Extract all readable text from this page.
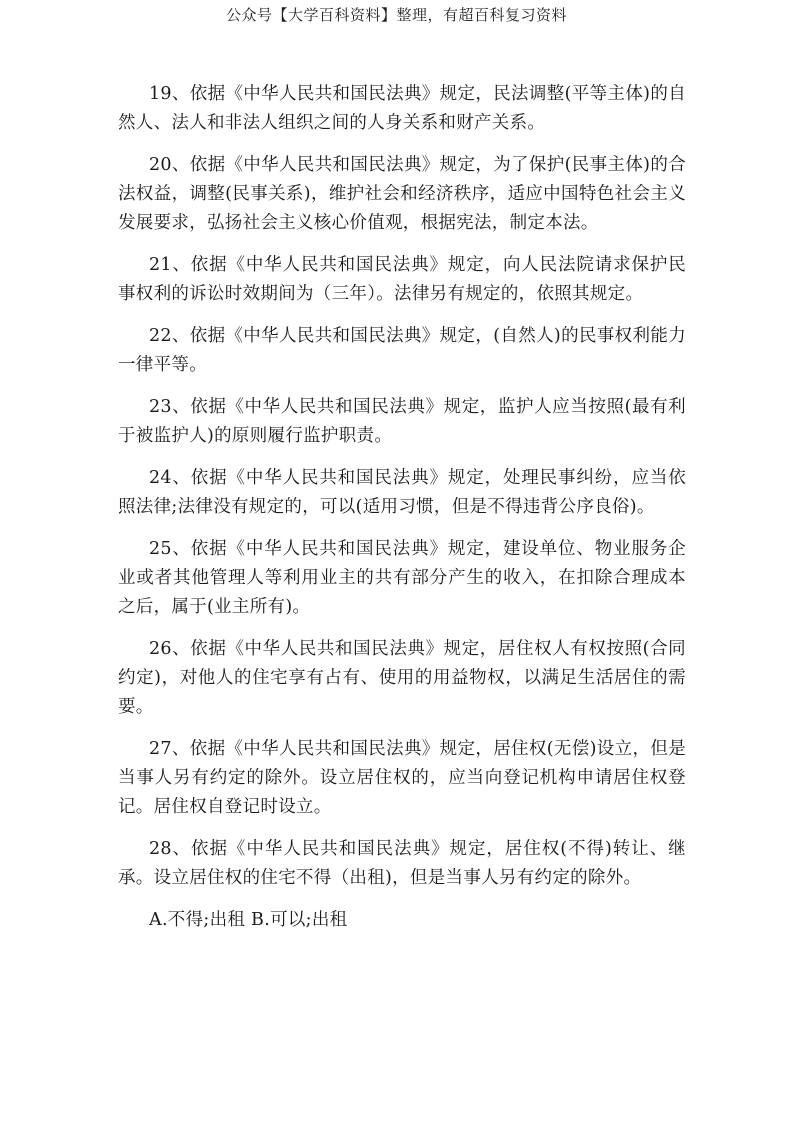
公众号【大学百科资料】整理，有超百科复习资料

19、依据《中华人民共和国民法典》规定，民法调整(平等主体)的自然人、法人和非法人组织之间的人身关系和财产关系。

20、依据《中华人民共和国民法典》规定，为了保护(民事主体)的合法权益，调整(民事关系)，维护社会和经济秩序，适应中国特色社会主义发展要求，弘扬社会主义核心价值观，根据宪法，制定本法。

21、依据《中华人民共和国民法典》规定，向人民法院请求保护民事权利的诉讼时效期间为（三年）。法律另有规定的，依照其规定。

22、依据《中华人民共和国民法典》规定，(自然人)的民事权利能力一律平等。

23、依据《中华人民共和国民法典》规定，监护人应当按照(最有利于被监护人)的原则履行监护职责。

24、依据《中华人民共和国民法典》规定，处理民事纠纷，应当依照法律;法律没有规定的，可以(适用习惯，但是不得违背公序良俗)。

25、依据《中华人民共和国民法典》规定，建设单位、物业服务企业或者其他管理人等利用业主的共有部分产生的收入，在扣除合理成本之后，属于(业主所有)。

26、依据《中华人民共和国民法典》规定，居住权人有权按照(合同约定)，对他人的住宅享有占有、使用的用益物权，以满足生活居住的需要。

27、依据《中华人民共和国民法典》规定，居住权(无偿)设立，但是当事人另有约定的除外。设立居住权的，应当向登记机构申请居住权登记。居住权自登记时设立。

28、依据《中华人民共和国民法典》规定，居住权(不得)转让、继承。设立居住权的住宅不得（出租)，但是当事人另有约定的除外。

A.不得;出租 B.可以;出租
